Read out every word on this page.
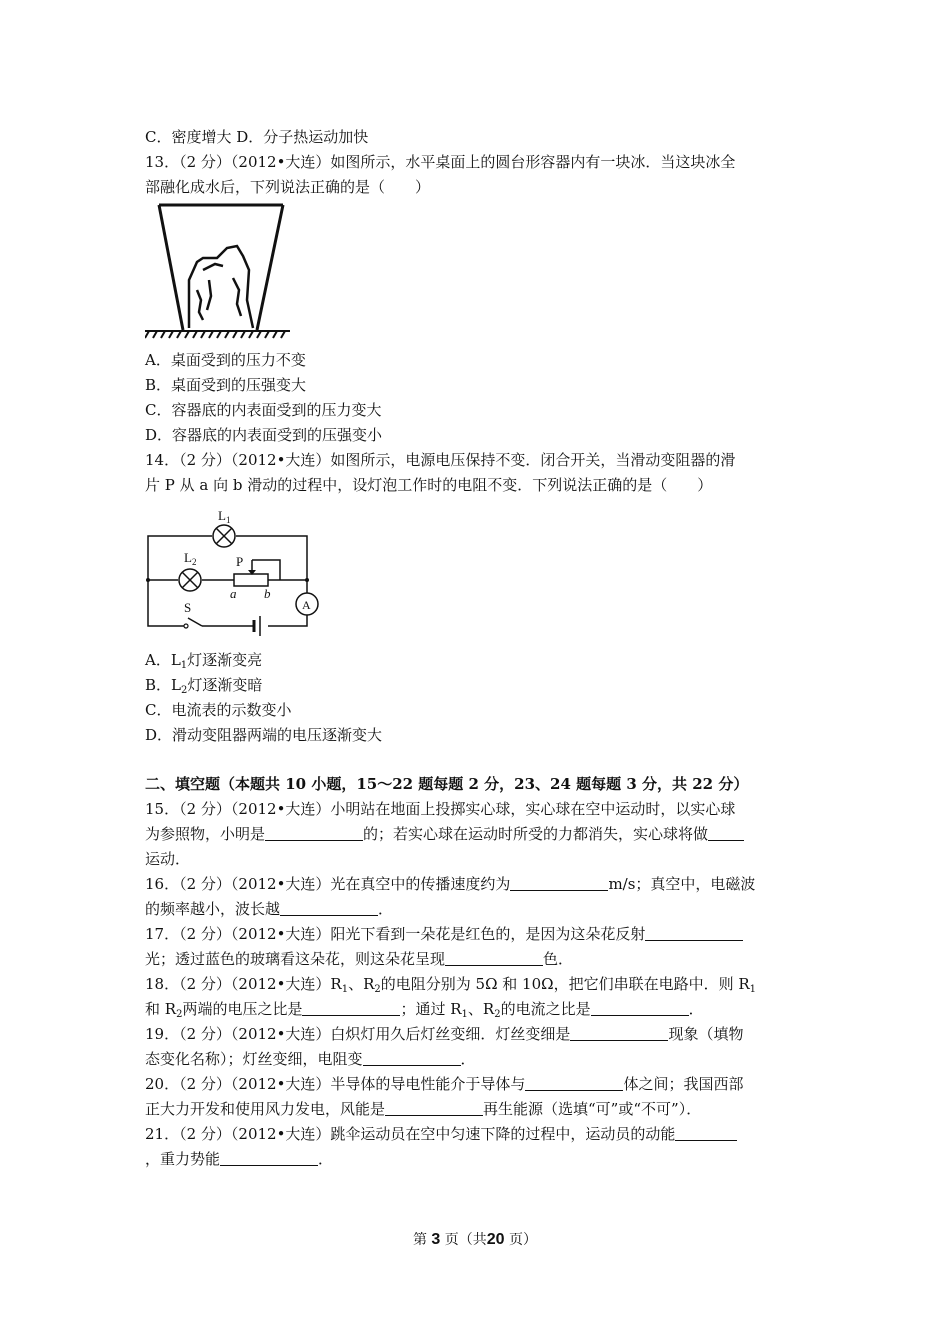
C．密度增大 D．分子热运动加快
13．（2 分）（2012•大连）如图所示，水平桌面上的圆台形容器内有一块冰．当这块冰全
部融化成水后，下列说法正确的是（　　）
A．桌面受到的压力不变
B．桌面受到的压强变大
C．容器底的内表面受到的压力变大
D．容器底的内表面受到的压强变小
14．（2 分）（2012•大连）如图所示，电源电压保持不变．闭合开关，当滑动变阻器的滑
片 P 从 a 向 b 滑动的过程中，设灯泡工作时的电阻不变．下列说法正确的是（　　）
$L_1$
$L_2$	P
a b
S	A
A．$L_1$灯逐渐变亮
B．$L_2$灯逐渐变暗
C．电流表的示数变小
D．滑动变阻器两端的电压逐渐变大
二、填空题（本题共 10 小题，15～22 题每题 2 分，23、24 题每题 3 分，共 22 分）
15．（2 分）（2012•大连）小明站在地面上投掷实心球，实心球在空中运动时，以实心球
为参照物，小明是	的；若实心球在运动时所受的力都消失，实心球将做
运动．
16．（2 分）（2012•大连）光在真空中的传播速度约为	m/s；真空中，电磁波
的频率越小，波长越	．
17．（2 分）（2012•大连）阳光下看到一朵花是红色的，是因为这朵花反射
光；透过蓝色的玻璃看这朵花，则这朵花呈现	色．
18．（2 分）（2012•大连）$R_1$、$R_2$的电阻分别为 5Ω 和 10Ω，把它们串联在电路中．则 $R_1$
和 $R_2$两端的电压之比是	；通过 $R_1$、$R_2$的电流之比是	．
19．（2 分）（2012•大连）白炽灯用久后灯丝变细．灯丝变细是	现象（填物
态变化名称）；灯丝变细，电阻变	．
20．（2 分）（2012•大连）半导体的导电性能介于导体与	体之间；我国西部
正大力开发和使用风力发电，风能是	再生能源（选填“可”或“不可”）．
21．（2 分）（2012•大连）跳伞运动员在空中匀速下降的过程中，运动员的动能
，重力势能	．
第 3 页（共20 页）
